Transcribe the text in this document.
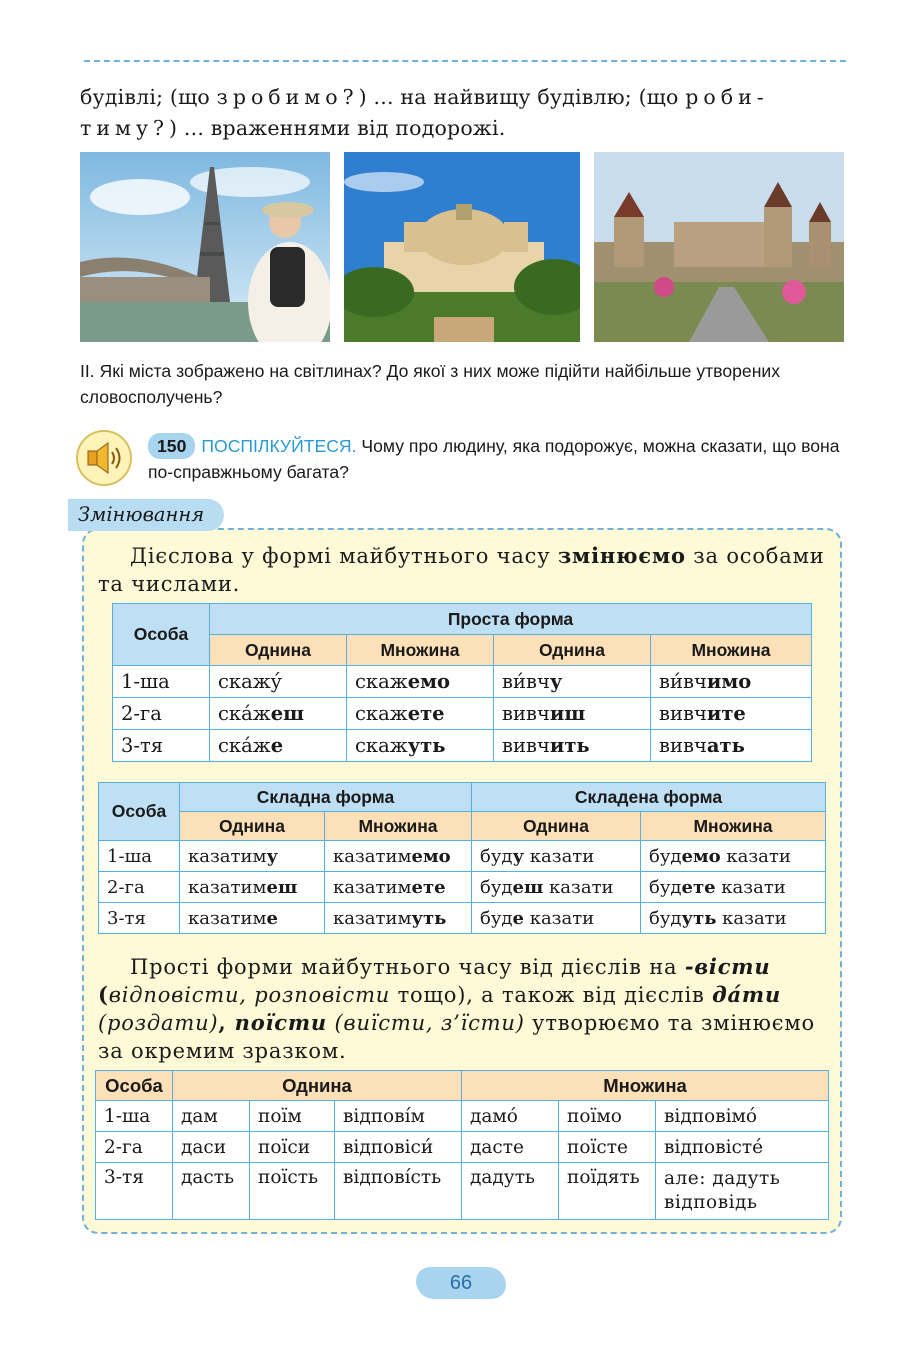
будівлі; (що зробимо?) ... на найвищу будівлю; (що роби-
тиму?) ... враженнями від подорожі.
ІІ. Які міста зображено на світлинах? До якої з них може підійти найбільше утворених словосполучень?
150 ПОСПІЛКУЙТЕСЯ. Чому про людину, яка подорожує, можна сказати, що вона по-справжньому багата?
Змінювання
Дієслова у формі майбутнього часу змінюємо за особами та числами.
Особа	Проста форма			
	Однина	Множина	Однина	Множина
1-ша	скажý	скажемо	ви́вчу	ви́вчимо
2-га	ска́жеш	скажете	вивчиш	вивчите
3-тя	ска́же	скажуть	вивчить	вивчать
Особа	Складна форма		Складена форма	
	Однина	Множина	Однина	Множина
1-ша	казатиму	казатимемо	буду казати	будемо казати
2-га	казатимеш	казатимете	будеш казати	будете казати
3-тя	казатиме	казатимуть	буде казати	будуть казати
Прості форми майбутнього часу від дієслів на -вісти (відповісти, розповісти тощо), а також від дієслів да́ти (роздати), поїсти (виїсти, з’їсти) утворюємо та змінюємо за окремим зразком.
Особа	Однина			Множина		
1-ша	дам	поїм	відпові́м	дамó	поїмо	відповімó
2-га	даси	поїси	відповіси́	дасте	поїсте	відповісте́
3-тя	дасть	поїсть	відпові́сть	дадуть	поїдять	але: дадуть відповідь
66
